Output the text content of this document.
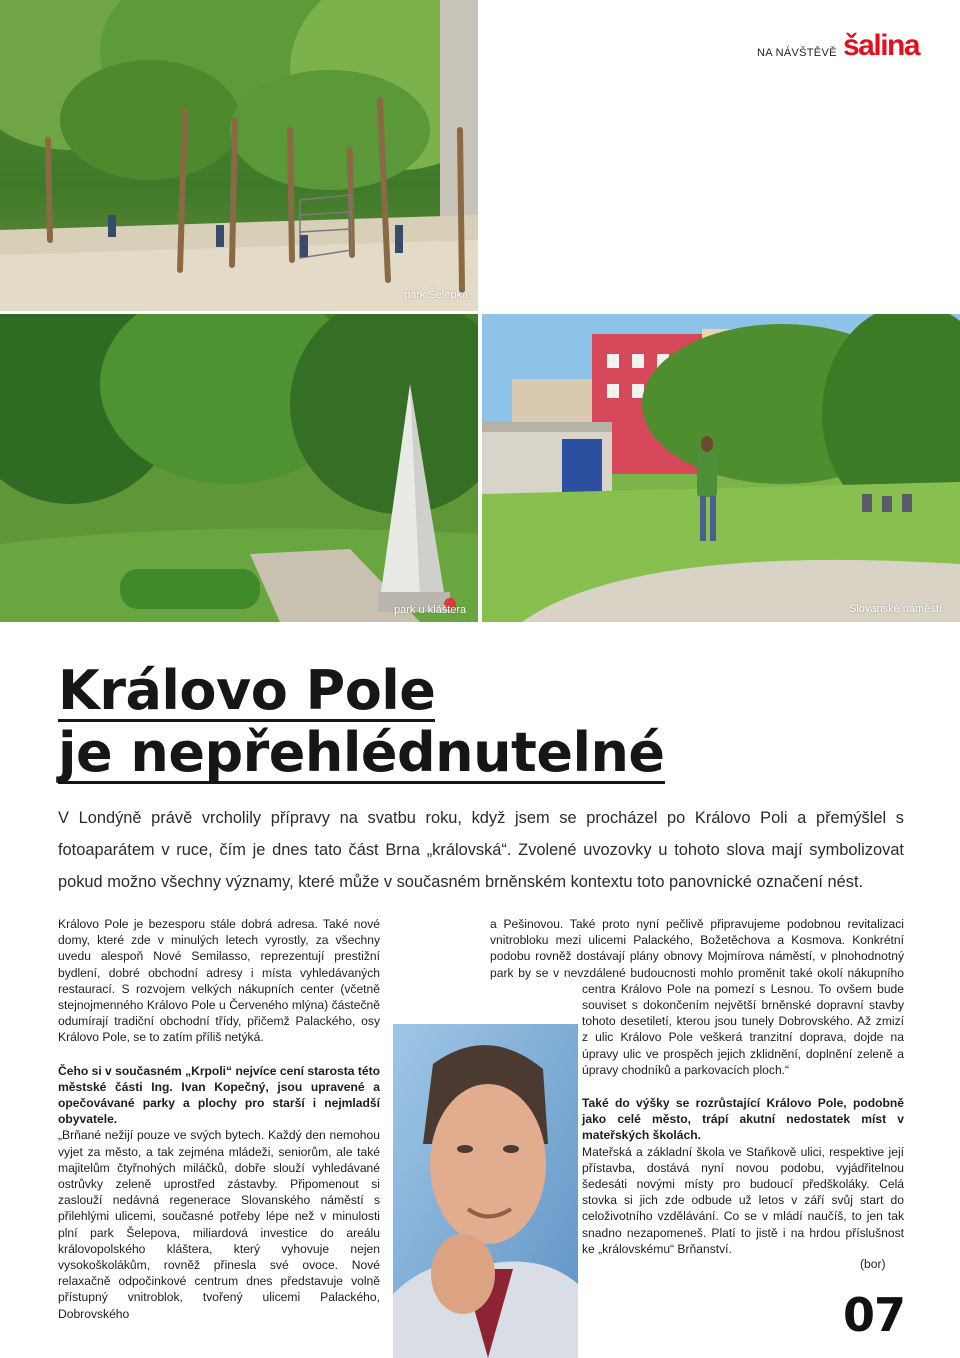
NA NÁVŠTĚVĚ šalina
park Šelepka
park u kláštera	Slovanské náměstí
Královo Pole
je nepřehlédnutelné
V Londýně právě vrcholily přípravy na svatbu roku, když jsem se procházel po Královo Poli a přemýšlel s fotoaparátem v ruce, čím je dnes tato část Brna „královská“. Zvolené uvozovky u tohoto slova mají symbolizovat pokud možno všechny významy, které může v současném brněnském kontextu toto panovnické označení nést.

Královo Pole je bezesporu stále dobrá adresa. Také nové domy, které zde v minulých letech vyrostly, za všechny uvedu alespoň Nové Semilasso, reprezentují prestižní bydlení, dobré obchodní adresy i místa vyhledávaných restaurací. S rozvojem velkých nákupních center (včetně stejnojmenného Královo Pole u Červeného mlýna) částečně odumírají tradiční obchodní třídy, přičemž Palackého, osy Královo Pole, se to zatím příliš netýká.

Čeho si v současném „Krpoli“ nejvíce cení starosta této městské části Ing. Ivan Kopečný, jsou upravené a opečovávané parky a plochy pro starší i nejmladší obyvatele.

„Brňané nežijí pouze ve svých bytech. Každý den nemohou vyjet za město, a tak zejména mládeži, seniorům, ale také majitelům čtyřnohých miláčků, dobře slouží vyhledávané ostrůvky zeleně uprostřed zástavby. Připomenout si zaslouží nedávná regenerace Slovanského náměstí s přilehlými ulicemi, současné potřeby lépe než v minulosti plní park Šelepova, miliardová investice do areálu královopolského kláštera, který vyhovuje nejen vysokoškolákům, rovněž přinesla své ovoce. Nové relaxačně odpočinkové centrum dnes představuje volně přístupný vnitroblok, tvořený ulicemi Palackého, Dobrovského

a Pešinovou. Také proto nyní pečlivě připravujeme podobnou revitalizaci vnitrobloku mezi ulicemi Palackého, Božetěchova a Kosmova. Konkrétní podobu rovněž dostávají plány obnovy Mojmírova náměstí, v plnohodnotný park by se v nevzdálené budoucnosti mohlo proměnit také okolí nákupního centra Královo Pole na pomezí s Lesnou. To ovšem bude souviset s dokončením největší brněnské dopravní stavby tohoto desetiletí, kterou jsou tunely Dobrovského. Až zmizí z ulic Královo Pole veškerá tranzitní doprava, dojde na úpravy ulic ve prospěch jejich zklidnění, doplnění zeleně a úpravy chodníků a parkovacích ploch.“

Také do výšky se rozrůstající Královo Pole, podobně jako celé město, trápí akutní nedostatek míst v mateřských školách.

Mateřská a základní škola ve Staňkově ulici, respektive její přístavba, dostává nyní novou podobu, vyjádřitelnou šedesáti novými místy pro budoucí předškoláky. Celá stovka si jich zde odbude už letos v září svůj start do celoživotního vzdělávání. Co se v mládí naučíš, to jen tak snadno nezapomeneš. Platí to jistě i na hrdou příslušnost ke „královskému“ Brňanství.

(bor)
07
